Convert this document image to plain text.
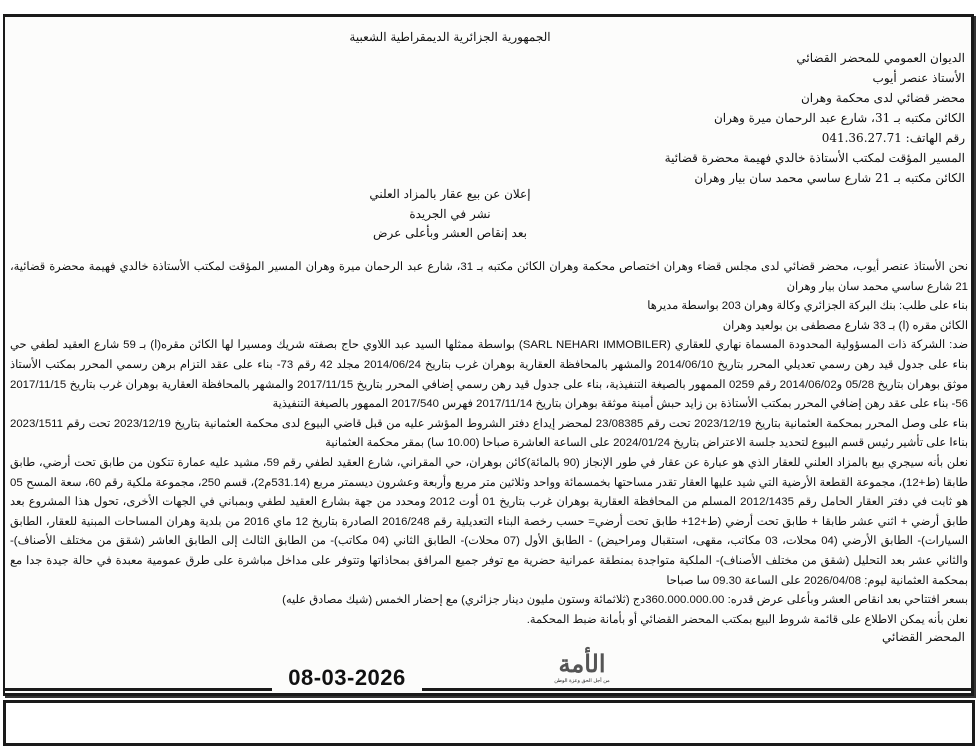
الجمهورية الجزائرية الديمقراطية الشعبية
الديوان العمومي للمحضر القضائي
الأستاذ عنصر أيوب
محضر قضائي لدى محكمة وهران
الكائن مكتبه بـ 31، شارع عبد الرحمان ميرة وهران
رقم الهاتف: 041.36.27.71
المسير المؤقت لمكتب الأستاذة خالدي فهيمة محضرة قضائية
الكائن مكتبه بـ 21 شارع ساسي محمد سان بيار وهران
إعلان عن بيع عقار بالمزاد العلني
نشر في الجريدة
بعد إنقاص العشر وبأعلى عرض
نحن الأستاذ عنصر أيوب، محضر قضائي لدى مجلس قضاء وهران اختصاص محكمة وهران الكائن مكتبه بـ 31، شارع عبد الرحمان ميرة وهران المسير المؤقت لمكتب الأستاذة خالدي فهيمة محضرة قضائية،
21 شارع ساسي محمد سان بيار وهران
بناء على طلب: بنك البركة الجزائري وكالة وهران 203 بواسطة مديرها
الكائن مقره (ا) بـ 33 شارع مصطفى بن بولعيد وهران
ضد: الشركة ذات المسؤولية المحدودة المسماة نهاري للعقاري (SARL NEHARI IMMOBILER) بواسطة ممثلها السيد عبد اللاوي حاج بصفته شريك ومسيرا لها الكائن مقره(ا) بـ 59 شارع العقيد لطفي حي
بناء على جدول قيد رهن رسمي تعديلي المحرر بتاريخ 2014/06/10 والمشهر بالمحافظة العقارية بوهران غرب بتاريخ 2014/06/24 مجلد 42 رقم 73- بناء على عقد التزام برهن رسمي المحرر بمكتب الأستاذ
موثق بوهران بتاريخ 05/28 و2014/06/02 رقم 0259 الممهور بالصيغة التنفيذية، بناء على جدول قيد رهن رسمي إضافي المحرر بتاريخ 2017/11/15 والمشهر بالمحافظة العقارية بوهران غرب بتاريخ 2017/11/15
56- بناء على عقد رهن إضافي المحرر بمكتب الأستاذة بن زايد حبش أمينة موثقة بوهران بتاريخ 2017/11/14 فهرس 2017/540 الممهور بالصيغة التنفيذية
بناء على وصل المحرر بمحكمة العثمانية بتاريخ 2023/12/19 تحت رقم 23/08385 لمحضر إيداع دفتر الشروط المؤشر عليه من قبل قاضي البيوع لدى محكمة العثمانية بتاريخ 2023/12/19 تحت رقم 2023/1511
بناءا على تأشير رئيس قسم البيوع لتحديد جلسة الاعتراض بتاريخ 2024/01/24 على الساعة العاشرة صباحا (10.00 سا) بمقر محكمة العثمانية
نعلن بأنه سيجري بيع بالمزاد العلني للعقار الذي هو عبارة عن عقار في طور الإنجاز (90 بالمائة)كائن بوهران، حي المقراني، شارع العقيد لطفي رقم 59، مشيد عليه عمارة تتكون من طابق تحت أرضي، طابق
طابقا (ط+12)، مجموعة القطعة الأرضية التي شيد عليها العقار تقدر مساحتها بخمسمائة وواحد وثلاثين متر مربع وأربعة وعشرون ديسمتر مربع (531.14م2)، قسم 250، مجموعة ملكية رقم 60، سعة المسح 05
هو ثابت في دفتر العقار الحامل رقم 2012/1435 المسلم من المحافظة العقارية بوهران غرب بتاريخ 01 أوت 2012 ومحدد من جهة بشارع العقيد لطفي وبمباني في الجهات الأخرى، تحول هذا المشروع بعد
طابق أرضي + اثني عشر طابقا + طابق تحت أرضي (ط+12+ طابق تحت أرضي= حسب رخصة البناء التعديلية رقم 2016/248 الصادرة بتاريخ 12 ماي 2016 من بلدية وهران المساحات المبنية للعقار، الطابق
السيارات)- الطابق الأرضي (04 محلات، 03 مكاتب، مقهى، استقبال ومراحيض) - الطابق الأول (07 محلات)- الطابق الثاني (04 مكاتب)- من الطابق الثالث إلى الطابق العاشر (شقق من مختلف الأصناف)-
والثاني عشر بعد التحليل (شقق من مختلف الأصناف)- الملكية متواجدة بمنطقة عمرانية حضرية مع توفر جميع المرافق بمحاذاتها وتتوفر على مداخل مباشرة على طرق عمومية معبدة في حالة جيدة جدا مع
بمحكمة العثمانية ليوم: 2026/04/08 على الساعة 09.30 سا صباحا
بسعر افتتاحي بعد انقاص العشر وبأعلى عرض قدره: 360.000.000.00دج (ثلاثمائة وستون مليون دينار جزائري) مع إحضار الخمس (شيك مصادق عليه)
نعلن بأنه يمكن الاطلاع على قائمة شروط البيع بمكتب المحضر القضائي أو بأمانة ضبط المحكمة.
المحضر القضائي
08-03-2026	الأمة
من أجل الحق وعزة الوطن
